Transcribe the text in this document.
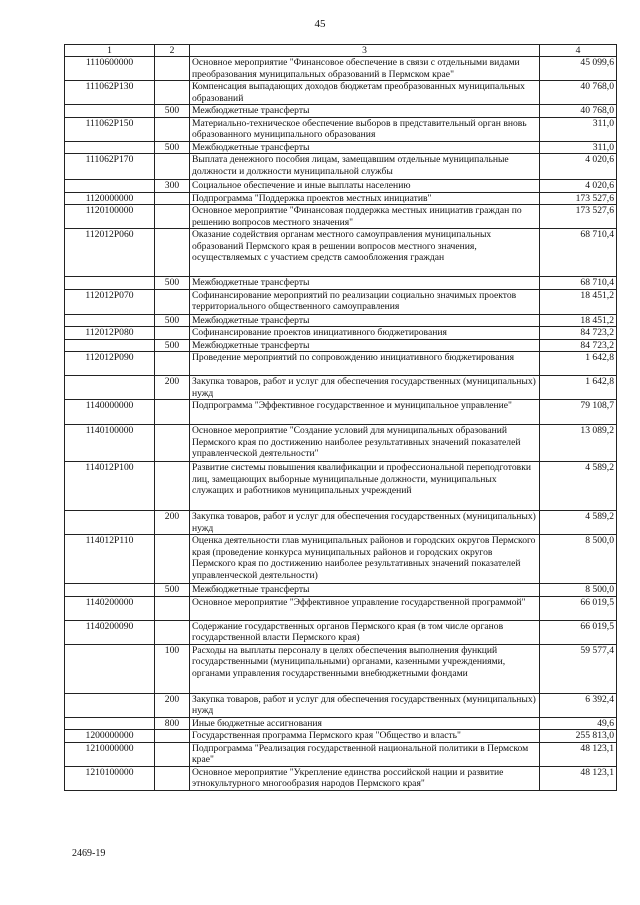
45
1	2	3	4
1110600000		Основное мероприятие "Финансовое обеспечение в связи с отдельными видами преобразования муниципальных образований в Пермском крае"	45 099,6
111062P130		Компенсация выпадающих доходов бюджетам преобразованных муниципальных образований	40 768,0
	500	Межбюджетные трансферты	40 768,0
111062P150		Материально-техническое обеспечение выборов в представительный орган вновь образованного муниципального образования	311,0
	500	Межбюджетные трансферты	311,0
111062P170		Выплата денежного пособия лицам, замещавшим отдельные муниципальные должности и должности муниципальной службы	4 020,6
	300	Социальное обеспечение и иные выплаты населению	4 020,6
1120000000		Подпрограмма "Поддержка проектов местных инициатив"	173 527,6
1120100000		Основное мероприятие "Финансовая поддержка местных инициатив граждан по решению вопросов местного значения"	173 527,6
112012P060		Оказание содействия органам местного самоуправления муниципальных образований Пермского края в решении вопросов местного значения, осуществляемых с участием средств самообложения граждан	68 710,4
	500	Межбюджетные трансферты	68 710,4
112012P070		Софинансирование мероприятий по реализации социально значимых проектов территориального общественного самоуправления	18 451,2
	500	Межбюджетные трансферты	18 451,2
112012P080		Софинансирование проектов инициативного бюджетирования	84 723,2
	500	Межбюджетные трансферты	84 723,2
112012P090		Проведение мероприятий по сопровождению инициативного бюджетирования	1 642,8
	200	Закупка товаров, работ и услуг для обеспечения государственных (муниципальных) нужд	1 642,8
1140000000		Подпрограмма "Эффективное государственное и муниципальное управление"	79 108,7
1140100000		Основное мероприятие "Создание условий для муниципальных образований Пермского края по достижению наиболее результативных значений показателей управленческой деятельности"	13 089,2
114012P100		Развитие системы повышения квалификации и профессиональной переподготовки лиц, замещающих выборные муниципальные должности, муниципальных служащих и работников муниципальных учреждений	4 589,2
	200	Закупка товаров, работ и услуг для обеспечения государственных (муниципальных) нужд	4 589,2
114012P110		Оценка деятельности глав муниципальных районов и городских округов Пермского края (проведение конкурса муниципальных районов и городских округов Пермского края по достижению наиболее результативных значений показателей управленческой деятельности)	8 500,0
	500	Межбюджетные трансферты	8 500,0
1140200000		Основное мероприятие "Эффективное управление государственной программой"	66 019,5
1140200090		Содержание государственных органов Пермского края (в том числе органов государственной власти Пермского края)	66 019,5
	100	Расходы на выплаты персоналу в целях обеспечения выполнения функций государственными (муниципальными) органами, казенными учреждениями, органами управления государственными внебюджетными фондами	59 577,4
	200	Закупка товаров, работ и услуг для обеспечения государственных (муниципальных) нужд	6 392,4
	800	Иные бюджетные ассигнования	49,6
1200000000		Государственная программа Пермского края "Общество и власть"	255 813,0
1210000000		Подпрограмма "Реализация государственной национальной политики в Пермском крае"	48 123,1
1210100000		Основное мероприятие "Укрепление единства российской нации и развитие этнокультурного многообразия народов Пермского края"	48 123,1
2469-19
